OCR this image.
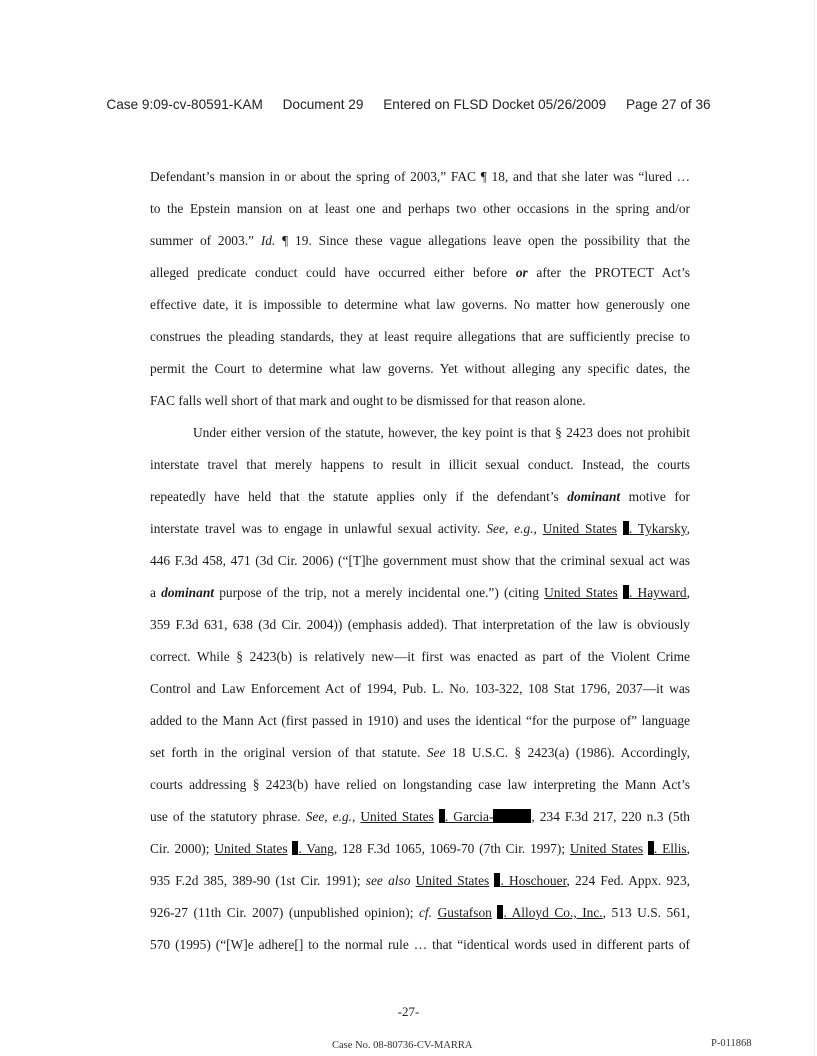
Case 9:09-cv-80591-KAM Document 29 Entered on FLSD Docket 05/26/2009 Page 27 of 36
Defendant’s mansion in or about the spring of 2003,” FAC ¶ 18, and that she later was “lured …
to the Epstein mansion on at least one and perhaps two other occasions in the spring and/or
summer of 2003.” Id. ¶ 19. Since these vague allegations leave open the possibility that the
alleged predicate conduct could have occurred either before or after the PROTECT Act’s
effective date, it is impossible to determine what law governs. No matter how generously one
construes the pleading standards, they at least require allegations that are sufficiently precise to
permit the Court to determine what law governs. Yet without alleging any specific dates, the
FAC falls well short of that mark and ought to be dismissed for that reason alone.
Under either version of the statute, however, the key point is that § 2423 does not prohibit
interstate travel that merely happens to result in illicit sexual conduct. Instead, the courts
repeatedly have held that the statute applies only if the defendant’s dominant motive for
interstate travel was to engage in unlawful sexual activity. See, e.g., United States . Tykarsky,
446 F.3d 458, 471 (3d Cir. 2006) (“[T]he government must show that the criminal sexual act was
a dominant purpose of the trip, not a merely incidental one.”) (citing United States . Hayward,
359 F.3d 631, 638 (3d Cir. 2004)) (emphasis added). That interpretation of the law is obviously
correct. While § 2423(b) is relatively new—it first was enacted as part of the Violent Crime
Control and Law Enforcement Act of 1994, Pub. L. No. 103-322, 108 Stat 1796, 2037—it was
added to the Mann Act (first passed in 1910) and uses the identical “for the purpose of” language
set forth in the original version of that statute. See 18 U.S.C. § 2423(a) (1986). Accordingly,
courts addressing § 2423(b) have relied on longstanding case law interpreting the Mann Act’s
use of the statutory phrase. See, e.g., United States . Garcia-	, 234 F.3d 217, 220 n.3 (5th
Cir. 2000); United States . Vang, 128 F.3d 1065, 1069-70 (7th Cir. 1997); United States . Ellis,
935 F.2d 385, 389-90 (1st Cir. 1991); see also United States . Hoschouer, 224 Fed. Appx. 923,
926-27 (11th Cir. 2007) (unpublished opinion); cf. Gustafson . Alloyd Co., Inc., 513 U.S. 561,
570 (1995) (“[W]e adhere[] to the normal rule … that “identical words used in different parts of
-27-
Case No. 08-80736-CV-MARRA	P-011868
